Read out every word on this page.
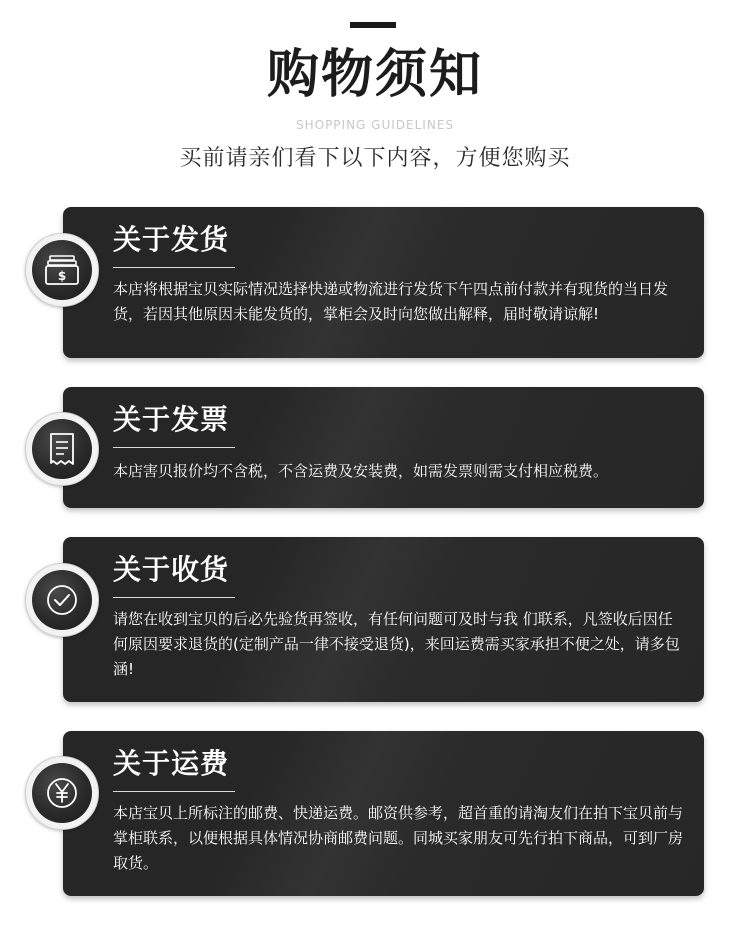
购物须知
SHOPPING GUIDELINES
买前请亲们看下以下内容，方便您购买
关于发货
本店将根据宝贝实际情况选择快递或物流进行发货下午四点前付款并有现货的当日发货，若因其他原因未能发货的，掌柜会及时向您做出解释，届时敬请谅解!
$
关于发票
本店害贝报价均不含税，不含运费及安装费，如需发票则需支付相应税费。
关于收货
请您在收到宝贝的后必先验货再签收，有任何问题可及时与我 们联系，凡签收后因任何原因要求退货的(定制产品一律不接受退货)，来回运费需买家承担不便之处，请多包涵!
关于运费
本店宝贝上所标注的邮费、快递运费。邮资供参考，超首重的请淘友们在拍下宝贝前与掌柜联系，以便根据具体情况协商邮费问题。同城买家朋友可先行拍下商品，可到厂房取货。
